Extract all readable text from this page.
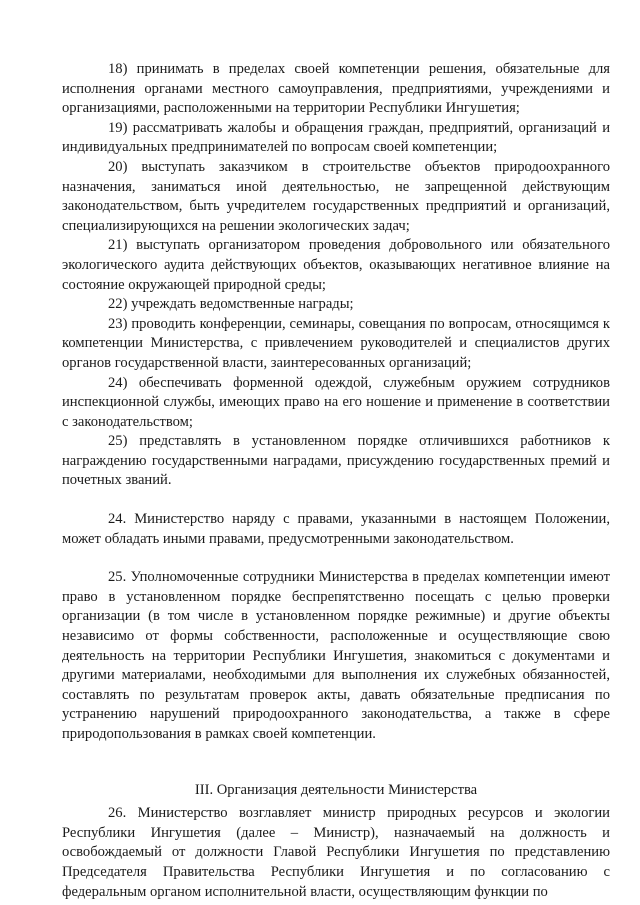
18) принимать в пределах своей компетенции решения, обязательные для исполнения органами местного самоуправления, предприятиями, учреждениями и организациями, расположенными на территории Республики Ингушетия;

19) рассматривать жалобы и обращения граждан, предприятий, организаций и индивидуальных предпринимателей по вопросам своей компетенции;

20) выступать заказчиком в строительстве объектов природоохранного назначения, заниматься иной деятельностью, не запрещенной действующим законодательством, быть учредителем государственных предприятий и организаций, специализирующихся на решении экологических задач;

21) выступать организатором проведения добровольного или обязательного экологического аудита действующих объектов, оказывающих негативное влияние на состояние окружающей природной среды;

22) учреждать ведомственные награды;

23) проводить конференции, семинары, совещания по вопросам, относящимся к компетенции Министерства, с привлечением руководителей и специалистов других органов государственной власти, заинтересованных организаций;

24) обеспечивать форменной одеждой, служебным оружием сотрудников инспекционной службы, имеющих право на его ношение и применение в соответствии с законодательством;

25) представлять в установленном порядке отличившихся работников к награждению государственными наградами, присуждению государственных премий и почетных званий.

24. Министерство наряду с правами, указанными в настоящем Положении, может обладать иными правами, предусмотренными законодательством.

25. Уполномоченные сотрудники Министерства в пределах компетенции имеют право в установленном порядке беспрепятственно посещать с целью проверки организации (в том числе в установленном порядке режимные) и другие объекты независимо от формы собственности, расположенные и осуществляющие свою деятельность на территории Республики Ингушетия, знакомиться с документами и другими материалами, необходимыми для выполнения их служебных обязанностей, составлять по результатам проверок акты, давать обязательные предписания по устранению нарушений природоохранного законодательства, а также в сфере природопользования в рамках своей компетенции.

III. Организация деятельности Министерства

26. Министерство возглавляет министр природных ресурсов и экологии Республики Ингушетия (далее – Министр), назначаемый на должность и освобождаемый от должности Главой Республики Ингушетия по представлению Председателя Правительства Республики Ингушетия и по согласованию с федеральным органом исполнительной власти, осуществляющим функции по
